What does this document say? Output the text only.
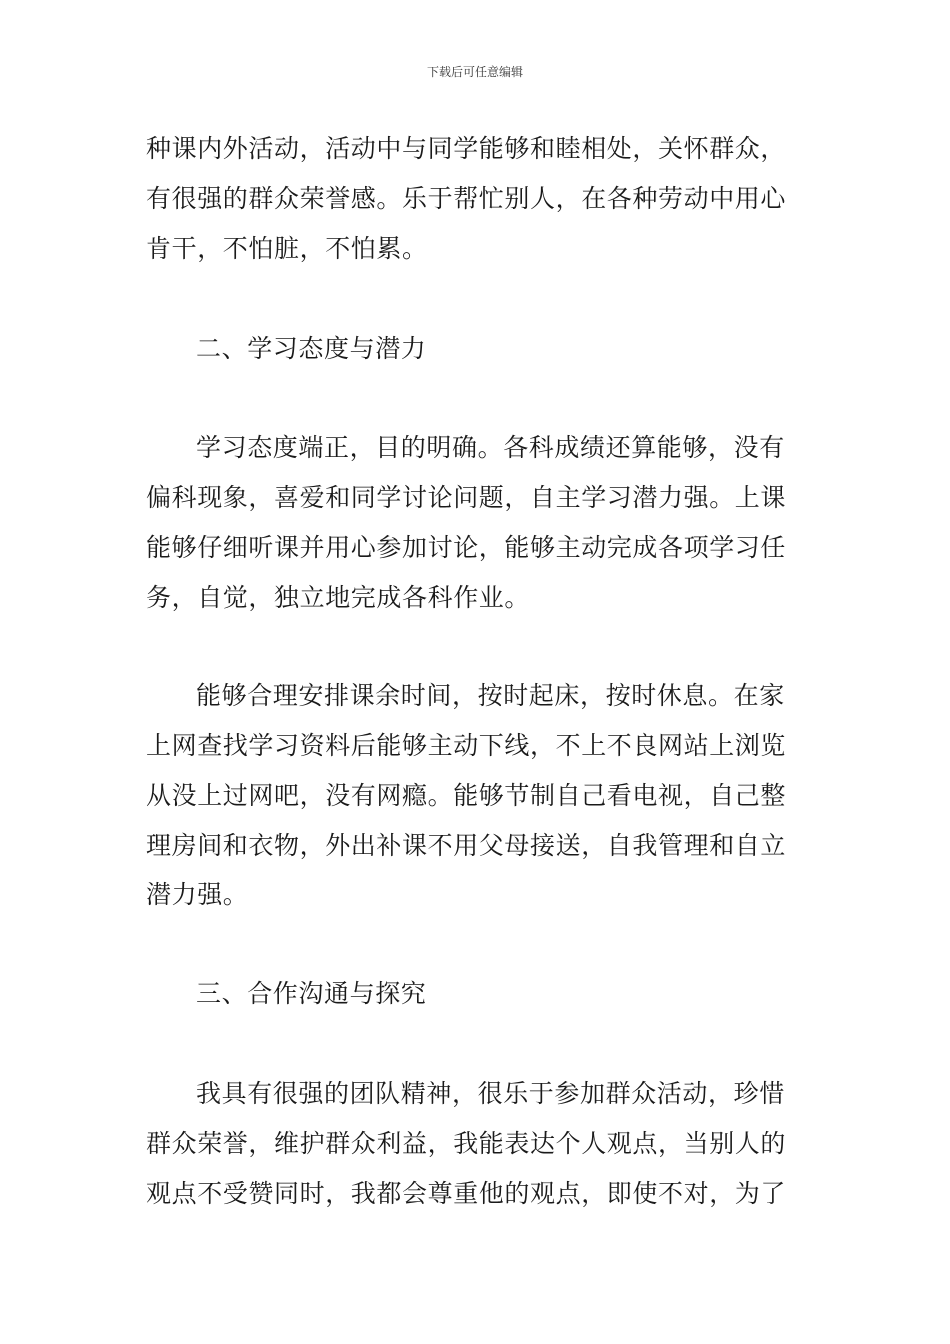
下载后可任意编辑
种课内外活动，活动中与同学能够和睦相处，关怀群众，
有很强的群众荣誉感。乐于帮忙别人，在各种劳动中用心
肯干，不怕脏，不怕累。
二、学习态度与潜力
学习态度端正，目的明确。各科成绩还算能够，没有
偏科现象，喜爱和同学讨论问题，自主学习潜力强。上课
能够仔细听课并用心参加讨论，能够主动完成各项学习任
务，自觉，独立地完成各科作业。
能够合理安排课余时间，按时起床，按时休息。在家
上网查找学习资料后能够主动下线，不上不良网站上浏览
从没上过网吧，没有网瘾。能够节制自己看电视，自己整
理房间和衣物，外出补课不用父母接送，自我管理和自立
潜力强。
三、合作沟通与探究
我具有很强的团队精神，很乐于参加群众活动，珍惜
群众荣誉，维护群众利益，我能表达个人观点，当别人的
观点不受赞同时，我都会尊重他的观点，即使不对，为了
